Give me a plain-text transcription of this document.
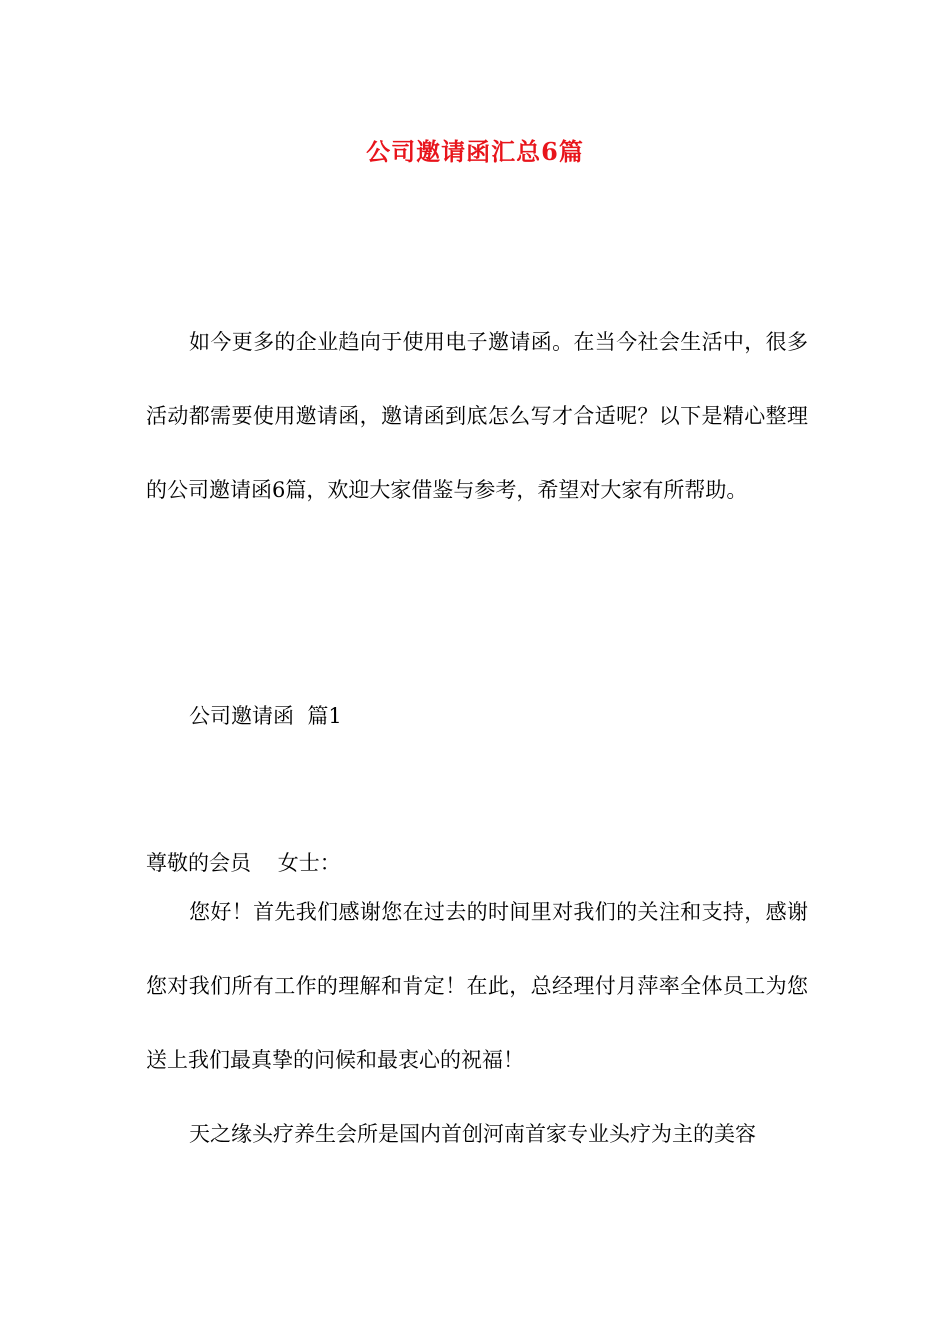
公司邀请函汇总6篇
如今更多的企业趋向于使用电子邀请函。在当今社会生活中，很多活动都需要使用邀请函，邀请函到底怎么写才合适呢？以下是精心整理的公司邀请函6篇，欢迎大家借鉴与参考，希望对大家有所帮助。
公司邀请函  篇1
尊敬的会员    女士：
您好！首先我们感谢您在过去的时间里对我们的关注和支持，感谢您对我们所有工作的理解和肯定！在此，总经理付月萍率全体员工为您送上我们最真挚的问候和最衷心的祝福！
天之缘头疗养生会所是国内首创河南首家专业头疗为主的美容
